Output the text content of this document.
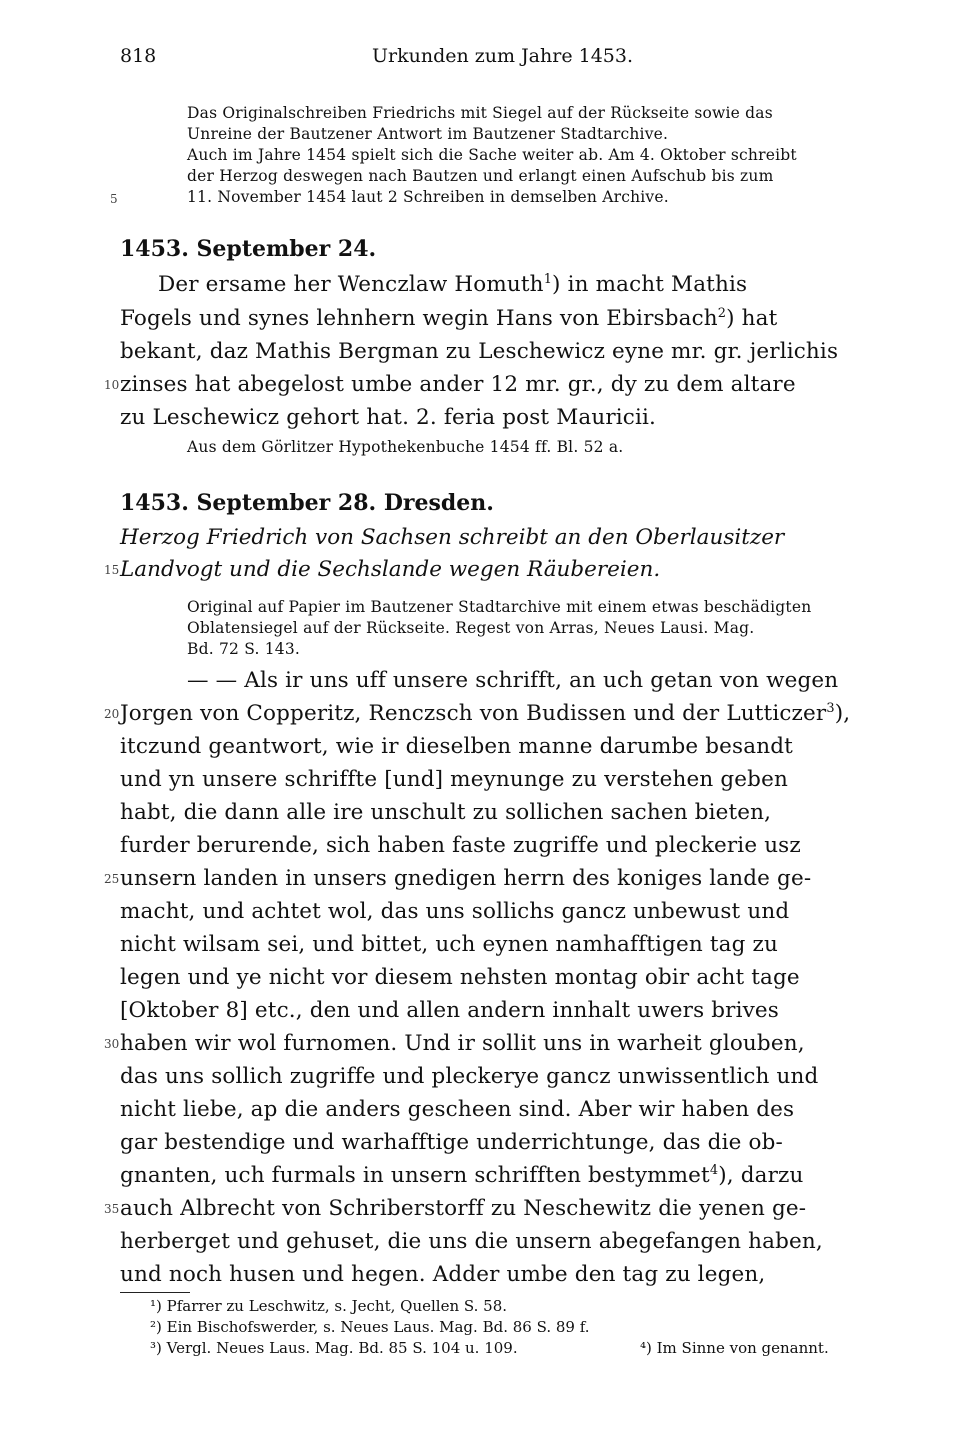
818	Urkunden zum Jahre 1453.
Das Originalschreiben Friedrichs mit Siegel auf der Rückseite sowie das
Unreine der Bautzener Antwort im Bautzener Stadtarchive.
Auch im Jahre 1454 spielt sich die Sache weiter ab. Am 4. Oktober schreibt
der Herzog deswegen nach Bautzen und erlangt einen Aufschub bis zum
11. November 1454 laut 2 Schreiben in demselben Archive.
5
1453. September 24.
Der ersame her Wenczlaw Homuth$^1$) in macht Mathis
Fogels und synes lehnhern wegin Hans von Ebirsbach$^2$) hat
bekant, daz Mathis Bergman zu Leschewicz eyne mr. gr. jerlichis
zinses hat abegelost umbe ander 12 mr. gr., dy zu dem altare
zu Leschewicz gehort hat. 2. feria post Mauricii.
10
Aus dem Görlitzer Hypothekenbuche 1454 ff. Bl. 52 a.
1453. September 28. Dresden.
Herzog Friedrich von Sachsen schreibt an den Oberlausitzer
Landvogt und die Sechslande wegen Räubereien.
15
Original auf Papier im Bautzener Stadtarchive mit einem etwas beschädigten
Oblatensiegel auf der Rückseite. Regest von Arras, Neues Lausi. Mag.
Bd. 72 S. 143.
— — Als ir uns uff unsere schrifft, an uch getan von wegen
Jorgen von Copperitz, Renczsch von Budissen und der Lutticzer$^3$),
itczund geantwort, wie ir dieselben manne darumbe besandt
und yn unsere schriffte [und] meynunge zu verstehen geben
habt, die dann alle ire unschult zu sollichen sachen bieten,
furder berurende, sich haben faste zugriffe und pleckerie usz
unsern landen in unsers gnedigen herrn des koniges lande ge-
macht, und achtet wol, das uns sollichs gancz unbewust und
nicht wilsam sei, und bittet, uch eynen namhafftigen tag zu
legen und ye nicht vor diesem nehsten montag obir acht tage
[Oktober 8] etc., den und allen andern innhalt uwers brives
haben wir wol furnomen. Und ir sollit uns in warheit glouben,
das uns sollich zugriffe und pleckerye gancz unwissentlich und
nicht liebe, ap die anders gescheen sind. Aber wir haben des
gar bestendige und warhafftige underrichtunge, das die ob-
gnanten, uch furmals in unsern schrifften bestymmet$^4$), darzu
auch Albrecht von Schriberstorff zu Neschewitz die yenen ge-
herberget und gehuset, die uns die unsern abegefangen haben,
und noch husen und hegen. Adder umbe den tag zu legen,
20
25
30
35
¹) Pfarrer zu Leschwitz, s. Jecht, Quellen S. 58.
²) Ein Bischofswerder, s. Neues Laus. Mag. Bd. 86 S. 89 f.
³) Vergl. Neues Laus. Mag. Bd. 85 S. 104 u. 109.	⁴) Im Sinne von genannt.
